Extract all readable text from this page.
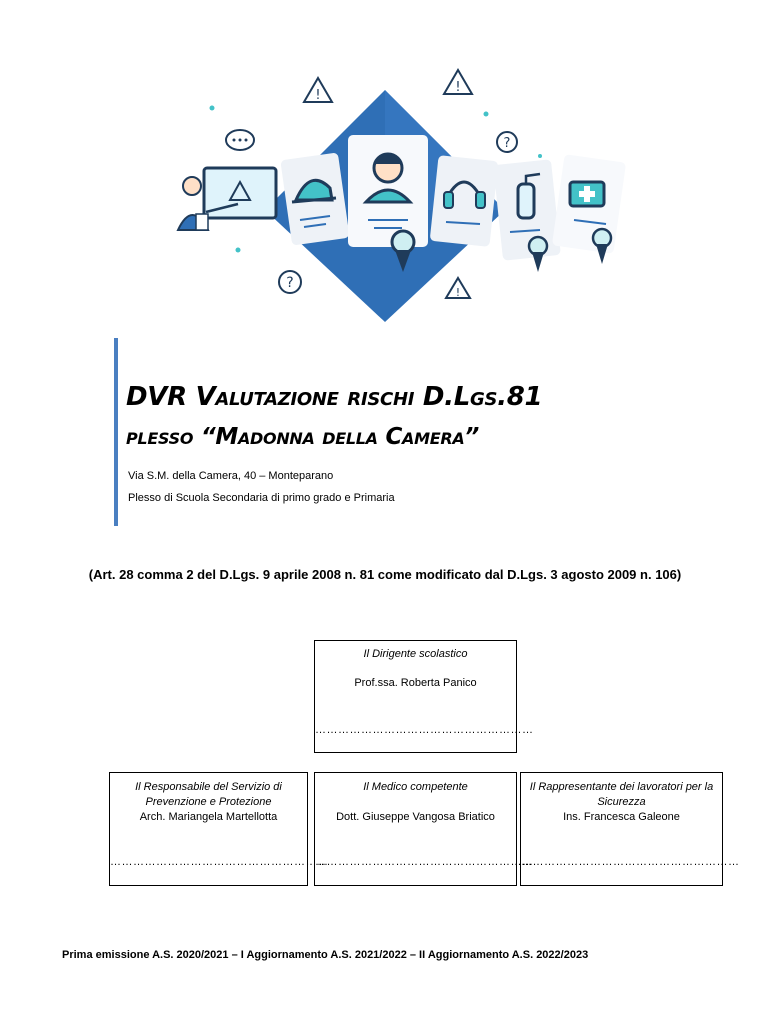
!
!
!
?
?
DVR Valutazione rischi D.Lgs.81
plesso “Madonna della Camera”
Via S.M. della Camera, 40 – Monteparano
Plesso di Scuola Secondaria di primo grado e Primaria
(Art. 28 comma 2 del D.Lgs. 9 aprile 2008 n. 81 come modificato dal D.Lgs. 3 agosto 2009 n. 106)
Il Dirigente scolastico
Prof.ssa. Roberta Panico
…………………………………………………
Il Responsabile del Servizio di Prevenzione e Protezione
Arch. Mariangela Martellotta
…………………………………………………
Il Medico competente
Dott. Giuseppe Vangosa Briatico
…………………………………………………
Il Rappresentante dei lavoratori per la Sicurezza
Ins. Francesca Galeone
…………………………………………………
Prima emissione A.S. 2020/2021 – I Aggiornamento A.S. 2021/2022 – II Aggiornamento A.S. 2022/2023
